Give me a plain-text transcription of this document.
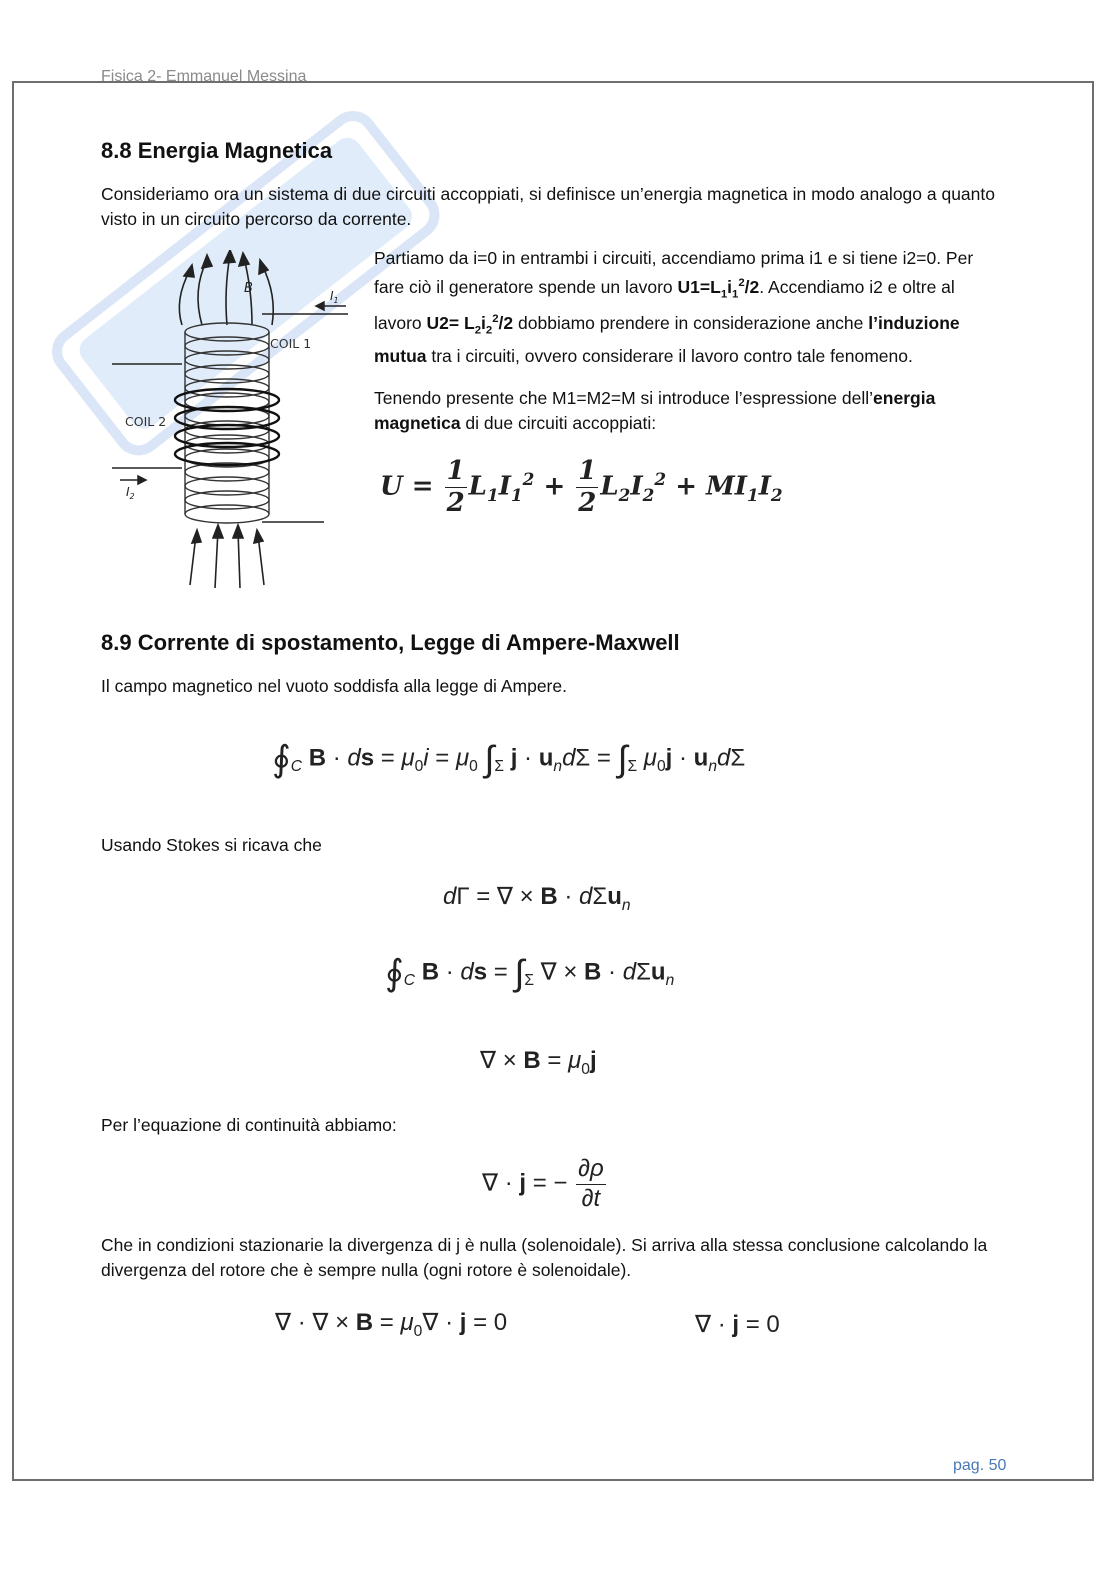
Fisica 2- Emmanuel Messina
8.8 Energia Magnetica

Consideriamo ora un sistema di due circuiti accoppiati, si definisce un’energia magnetica in modo analogo a quanto visto in un circuito percorso da corrente.

B	$I_1$
COIL 1
COIL 2
$I_2$

Partiamo da i=0 in entrambi i circuiti, accendiamo prima i1 e si tiene i2=0. Per fare ciò il generatore spende un lavoro $U1=L_1i_1^2/2$. Accendiamo i2 e oltre al lavoro $U2= L_2i_2^2/2$ dobbiamo prendere in considerazione anche l’induzione mutua tra i circuiti, ovvero considerare il lavoro contro tale fenomeno.

Tenendo presente che M1=M2=M si introduce l’espressione dell’energia magnetica di due circuiti accoppiati:

$U = \frac{1}{2} L_1I_1^2 + \frac{1}{2} L_2I_2^2 + MI_1I_2$
8.9 Corrente di spostamento, Legge di Ampere-Maxwell

Il campo magnetico nel vuoto soddisfa alla legge di Ampere.

$∮_C$ B · ds = $\mu_0i = \mu_0$ $\int_\Sigma$ $j \cdot u_nd\Sigma = \int_\Sigma$ $\mu_0j \cdot u_nd\Sigma$

Usando Stokes si ricava che

dΓ = ∇ × B · dΣu$_n$
$∮_C$ B · ds = $\int_\Sigma$ ∇ × B · dΣu$_n$
∇ × $B = \mu_0j$

Per l’equazione di continuità abbiamo:

∇ · j = − $\frac{\partial\rho}{\partial t}$

Che in condizioni stazionarie la divergenza di j è nulla (solenoidale). Si arriva alla stessa conclusione calcolando la divergenza del rotore che è sempre nulla (ogni rotore è solenoidale).

∇ · ∇ × $B = \mu_0\nabla \cdot j = 0$	∇ · j = 0
pag. 50
